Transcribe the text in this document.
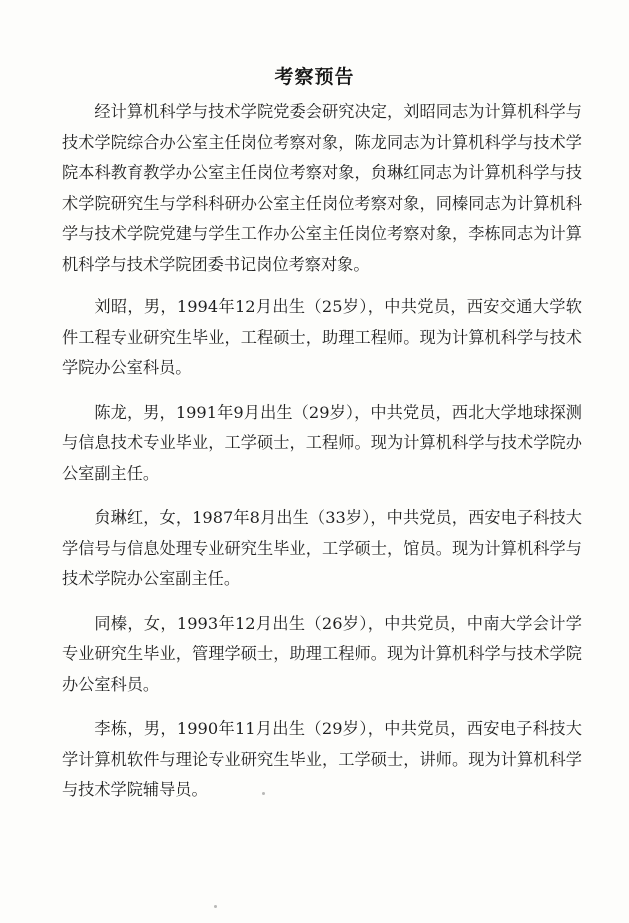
考察预告

经计算机科学与技术学院党委会研究决定，刘昭同志为计算机科学与技术学院综合办公室主任岗位考察对象，陈龙同志为计算机科学与技术学院本科教育教学办公室主任岗位考察对象，贠琳红同志为计算机科学与技术学院研究生与学科科研办公室主任岗位考察对象，同榛同志为计算机科学与技术学院党建与学生工作办公室主任岗位考察对象，李栋同志为计算机科学与技术学院团委书记岗位考察对象。

刘昭，男，1994年12月出生（25岁），中共党员，西安交通大学软件工程专业研究生毕业，工程硕士，助理工程师。现为计算机科学与技术学院办公室科员。

陈龙，男，1991年9月出生（29岁），中共党员，西北大学地球探测与信息技术专业毕业，工学硕士，工程师。现为计算机科学与技术学院办公室副主任。

贠琳红，女，1987年8月出生（33岁），中共党员，西安电子科技大学信号与信息处理专业研究生毕业，工学硕士，馆员。现为计算机科学与技术学院办公室副主任。

同榛，女，1993年12月出生（26岁），中共党员，中南大学会计学专业研究生毕业，管理学硕士，助理工程师。现为计算机科学与技术学院办公室科员。

李栋，男，1990年11月出生（29岁），中共党员，西安电子科技大学计算机软件与理论专业研究生毕业，工学硕士，讲师。现为计算机科学与技术学院辅导员。
